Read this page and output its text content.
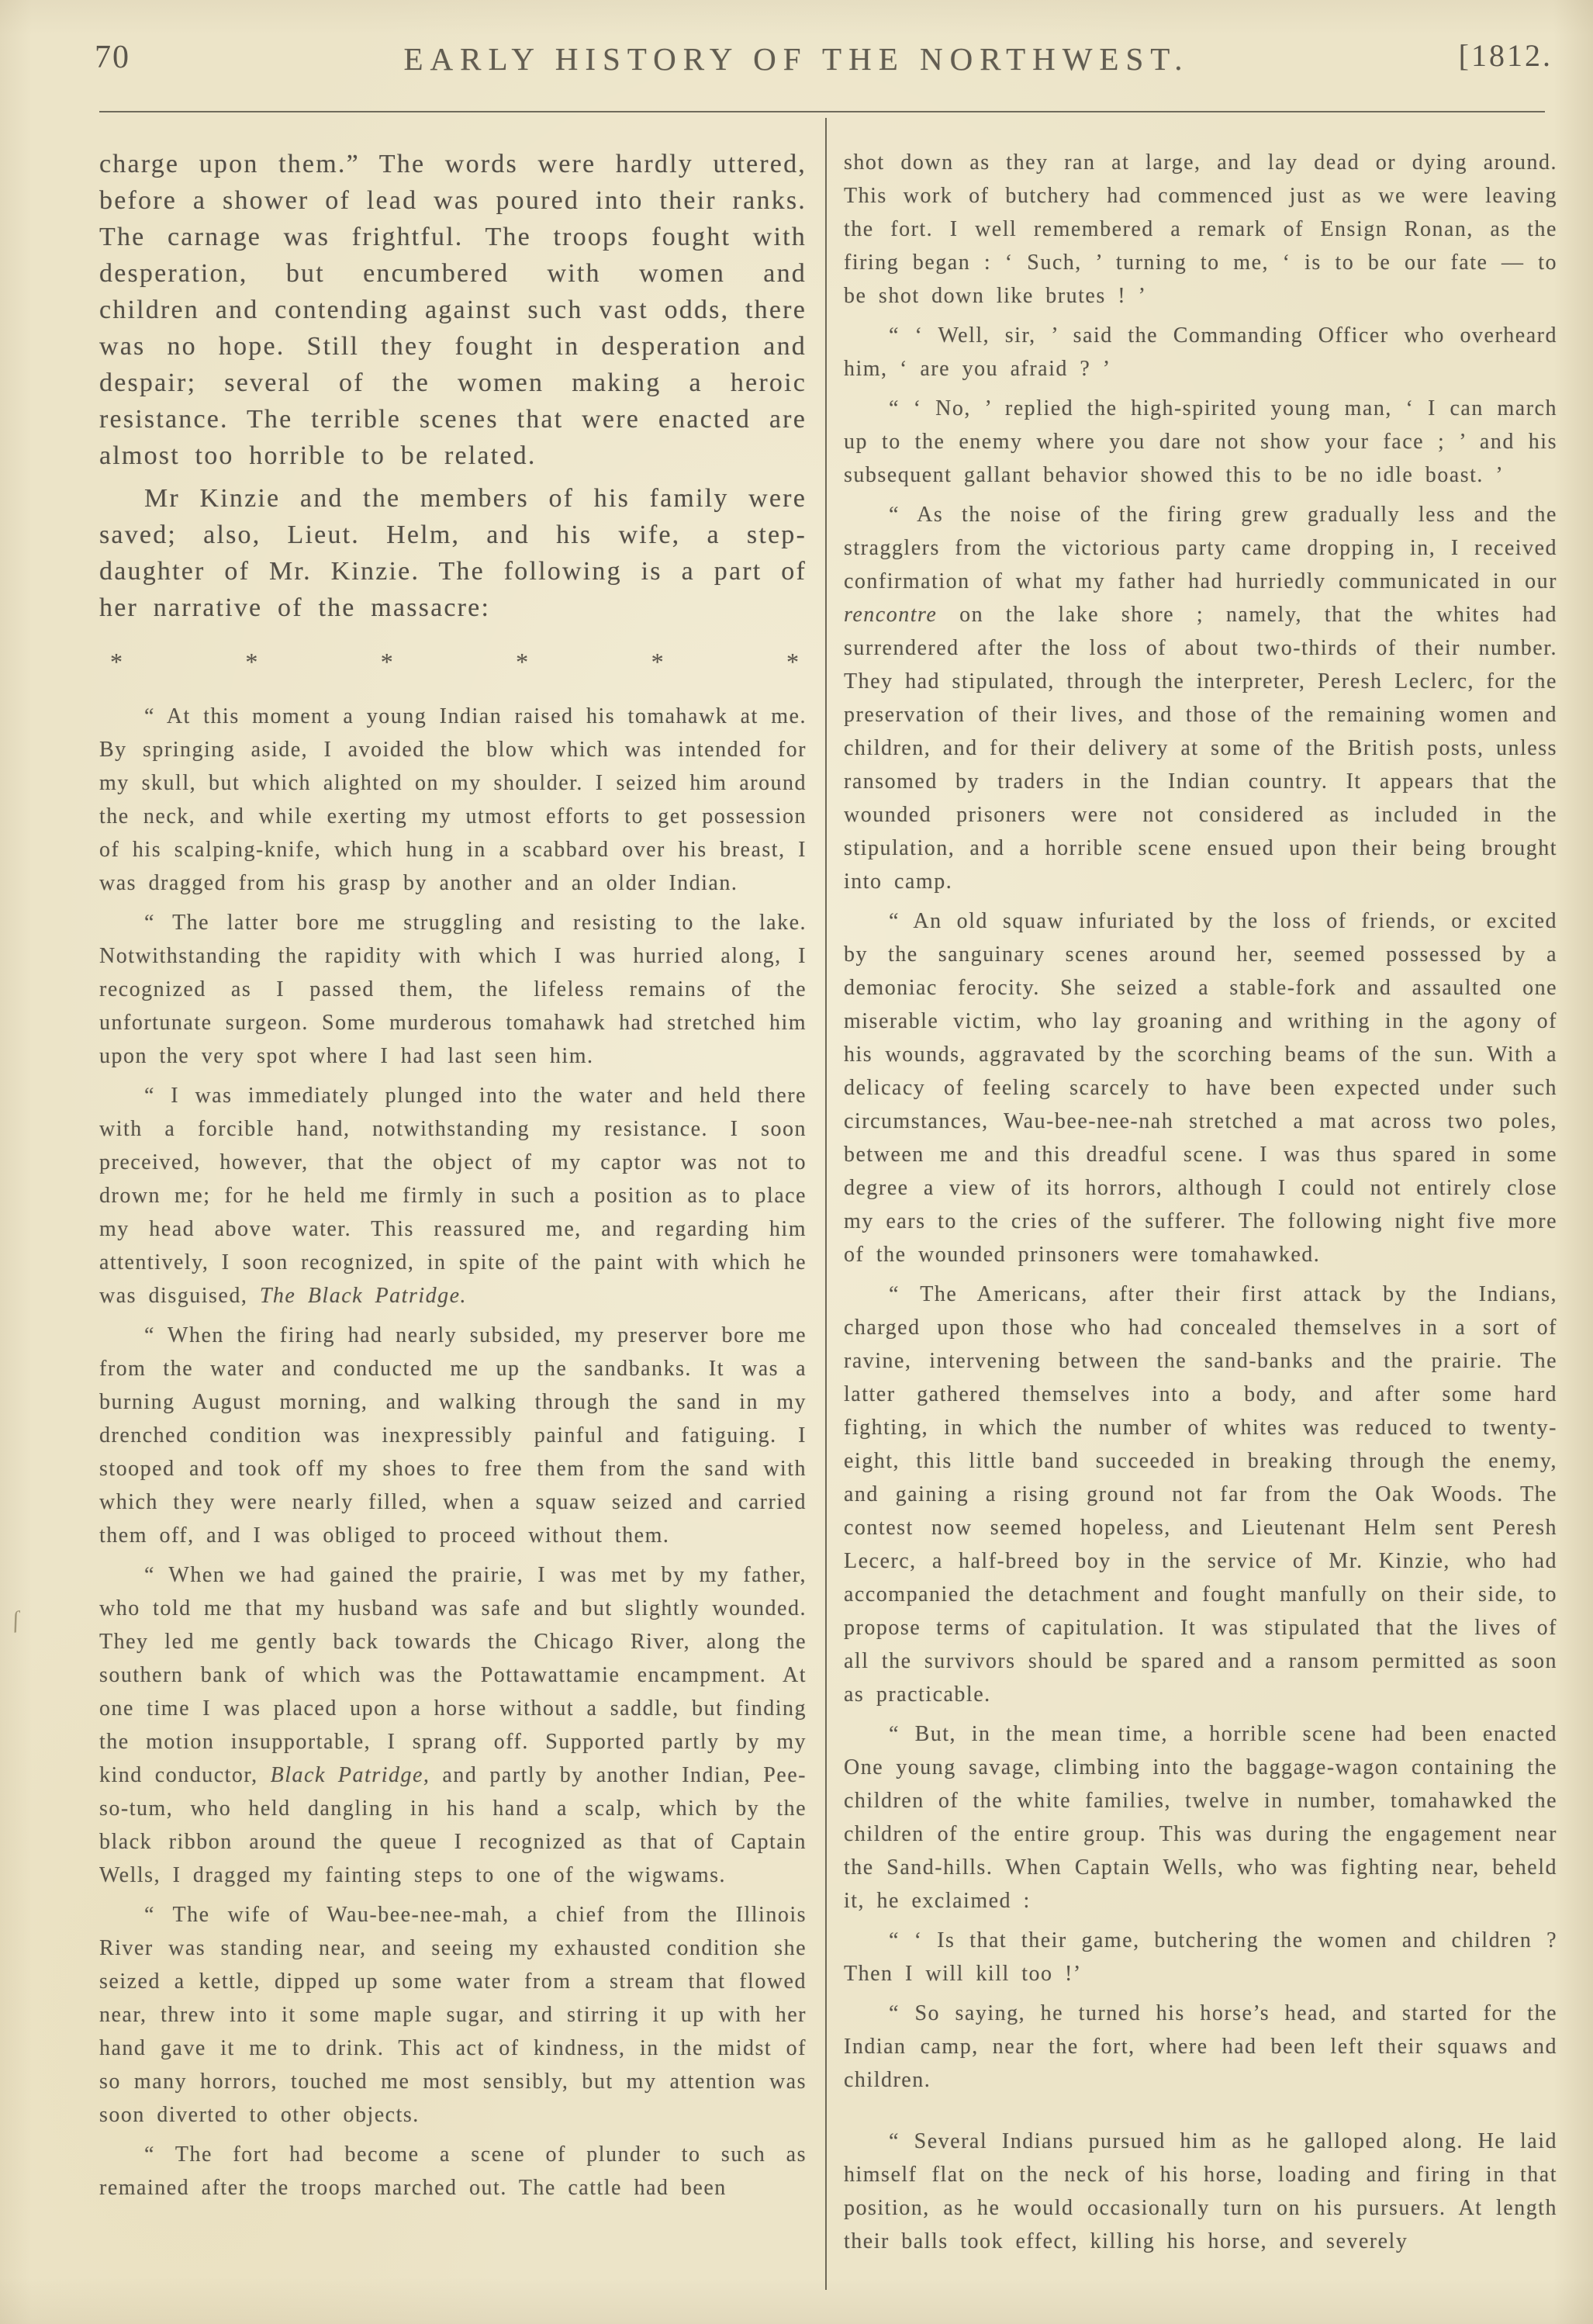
70	EARLY HISTORY OF THE NORTHWEST.	[1812.
ſ

charge upon them.” The words were hardly uttered, before a shower of lead was poured into their ranks. The carnage was frightful. The troops fought with desperation, but encumbered with women and children and contending against such vast odds, there was no hope. Still they fought in desperation and despair; several of the women making a heroic resistance. The terrible scenes that were enacted are almost too horrible to be related.

Mr Kinzie and the members of his family were saved; also, Lieut. Helm, and his wife, a step-daughter of Mr. Kinzie. The following is a part of her narrative of the massacre:

*	*	*	*	*	*

“ At this moment a young Indian raised his tomahawk at me. By springing aside, I avoided the blow which was intended for my skull, but which alighted on my shoulder. I seized him around the neck, and while exerting my utmost efforts to get possession of his scalping-knife, which hung in a scabbard over his breast, I was dragged from his grasp by another and an older Indian.

“ The latter bore me struggling and resisting to the lake. Notwithstanding the rapidity with which I was hurried along, I recognized as I passed them, the lifeless remains of the unfortunate surgeon. Some murderous tomahawk had stretched him upon the very spot where I had last seen him.

“ I was immediately plunged into the water and held there with a forcible hand, notwithstanding my resistance. I soon preceived, however, that the object of my captor was not to drown me; for he held me firmly in such a position as to place my head above water. This reassured me, and regarding him attentively, I soon recognized, in spite of the paint with which he was disguised, The Black Patridge.

“ When the firing had nearly subsided, my preserver bore me from the water and conducted me up the sandbanks. It was a burning August morning, and walking through the sand in my drenched condition was inexpressibly painful and fatiguing. I stooped and took off my shoes to free them from the sand with which they were nearly filled, when a squaw seized and carried them off, and I was obliged to proceed without them.

“ When we had gained the prairie, I was met by my father, who told me that my husband was safe and but slightly wounded. They led me gently back towards the Chicago River, along the southern bank of which was the Pottawattamie encampment. At one time I was placed upon a horse without a saddle, but finding the motion insupportable, I sprang off. Supported partly by my kind conductor, Black Patridge, and partly by another Indian, Pee-so-tum, who held dangling in his hand a scalp, which by the black ribbon around the queue I recognized as that of Captain Wells, I dragged my fainting steps to one of the wigwams.

“ The wife of Wau-bee-nee-mah, a chief from the Illinois River was standing near, and seeing my exhausted condition she seized a kettle, dipped up some water from a stream that flowed near, threw into it some maple sugar, and stirring it up with her hand gave it me to drink. This act of kindness, in the midst of so many horrors, touched me most sensibly, but my attention was soon diverted to other objects.

“ The fort had become a scene of plunder to such as remained after the troops marched out. The cattle had been

shot down as they ran at large, and lay dead or dying around. This work of butchery had commenced just as we were leaving the fort. I well remembered a remark of Ensign Ronan, as the firing began : ‘ Such, ’ turning to me, ‘ is to be our fate — to be shot down like brutes ! ’

“ ‘ Well, sir, ’ said the Commanding Officer who overheard him, ‘ are you afraid ? ’

“ ‘ No, ’ replied the high-spirited young man, ‘ I can march up to the enemy where you dare not show your face ; ’ and his subsequent gallant behavior showed this to be no idle boast. ’

“ As the noise of the firing grew gradually less and the stragglers from the victorious party came dropping in, I received confirmation of what my father had hurriedly communicated in our rencontre on the lake shore ; namely, that the whites had surrendered after the loss of about two-thirds of their number. They had stipulated, through the interpreter, Peresh Leclerc, for the preservation of their lives, and those of the remaining women and children, and for their delivery at some of the British posts, unless ransomed by traders in the Indian country. It appears that the wounded prisoners were not considered as included in the stipulation, and a horrible scene ensued upon their being brought into camp.

“ An old squaw infuriated by the loss of friends, or excited by the sanguinary scenes around her, seemed possessed by a demoniac ferocity. She seized a stable-fork and assaulted one miserable victim, who lay groaning and writhing in the agony of his wounds, aggravated by the scorching beams of the sun. With a delicacy of feeling scarcely to have been expected under such circumstances, Wau-bee-nee-nah stretched a mat across two poles, between me and this dreadful scene. I was thus spared in some degree a view of its horrors, although I could not entirely close my ears to the cries of the sufferer. The following night five more of the wounded prinsoners were tomahawked.

“ The Americans, after their first attack by the Indians, charged upon those who had concealed themselves in a sort of ravine, intervening between the sand-banks and the prairie. The latter gathered themselves into a body, and after some hard fighting, in which the number of whites was reduced to twenty-eight, this little band succeeded in breaking through the enemy, and gaining a rising ground not far from the Oak Woods. The contest now seemed hopeless, and Lieutenant Helm sent Peresh Lecerc, a half-breed boy in the service of Mr. Kinzie, who had accompanied the detachment and fought manfully on their side, to propose terms of capitulation. It was stipulated that the lives of all the survivors should be spared and a ransom permitted as soon as practicable.

“ But, in the mean time, a horrible scene had been enacted One young savage, climbing into the baggage-wagon containing the children of the white families, twelve in number, tomahawked the children of the entire group. This was during the engagement near the Sand-hills. When Captain Wells, who was fighting near, beheld it, he exclaimed :

“ ‘ Is that their game, butchering the women and children ? Then I will kill too !’

“ So saying, he turned his horse’s head, and started for the Indian camp, near the fort, where had been left their squaws and children.

“ Several Indians pursued him as he galloped along. He laid himself flat on the neck of his horse, loading and firing in that position, as he would occasionally turn on his pursuers. At length their balls took effect, killing his horse, and severely
